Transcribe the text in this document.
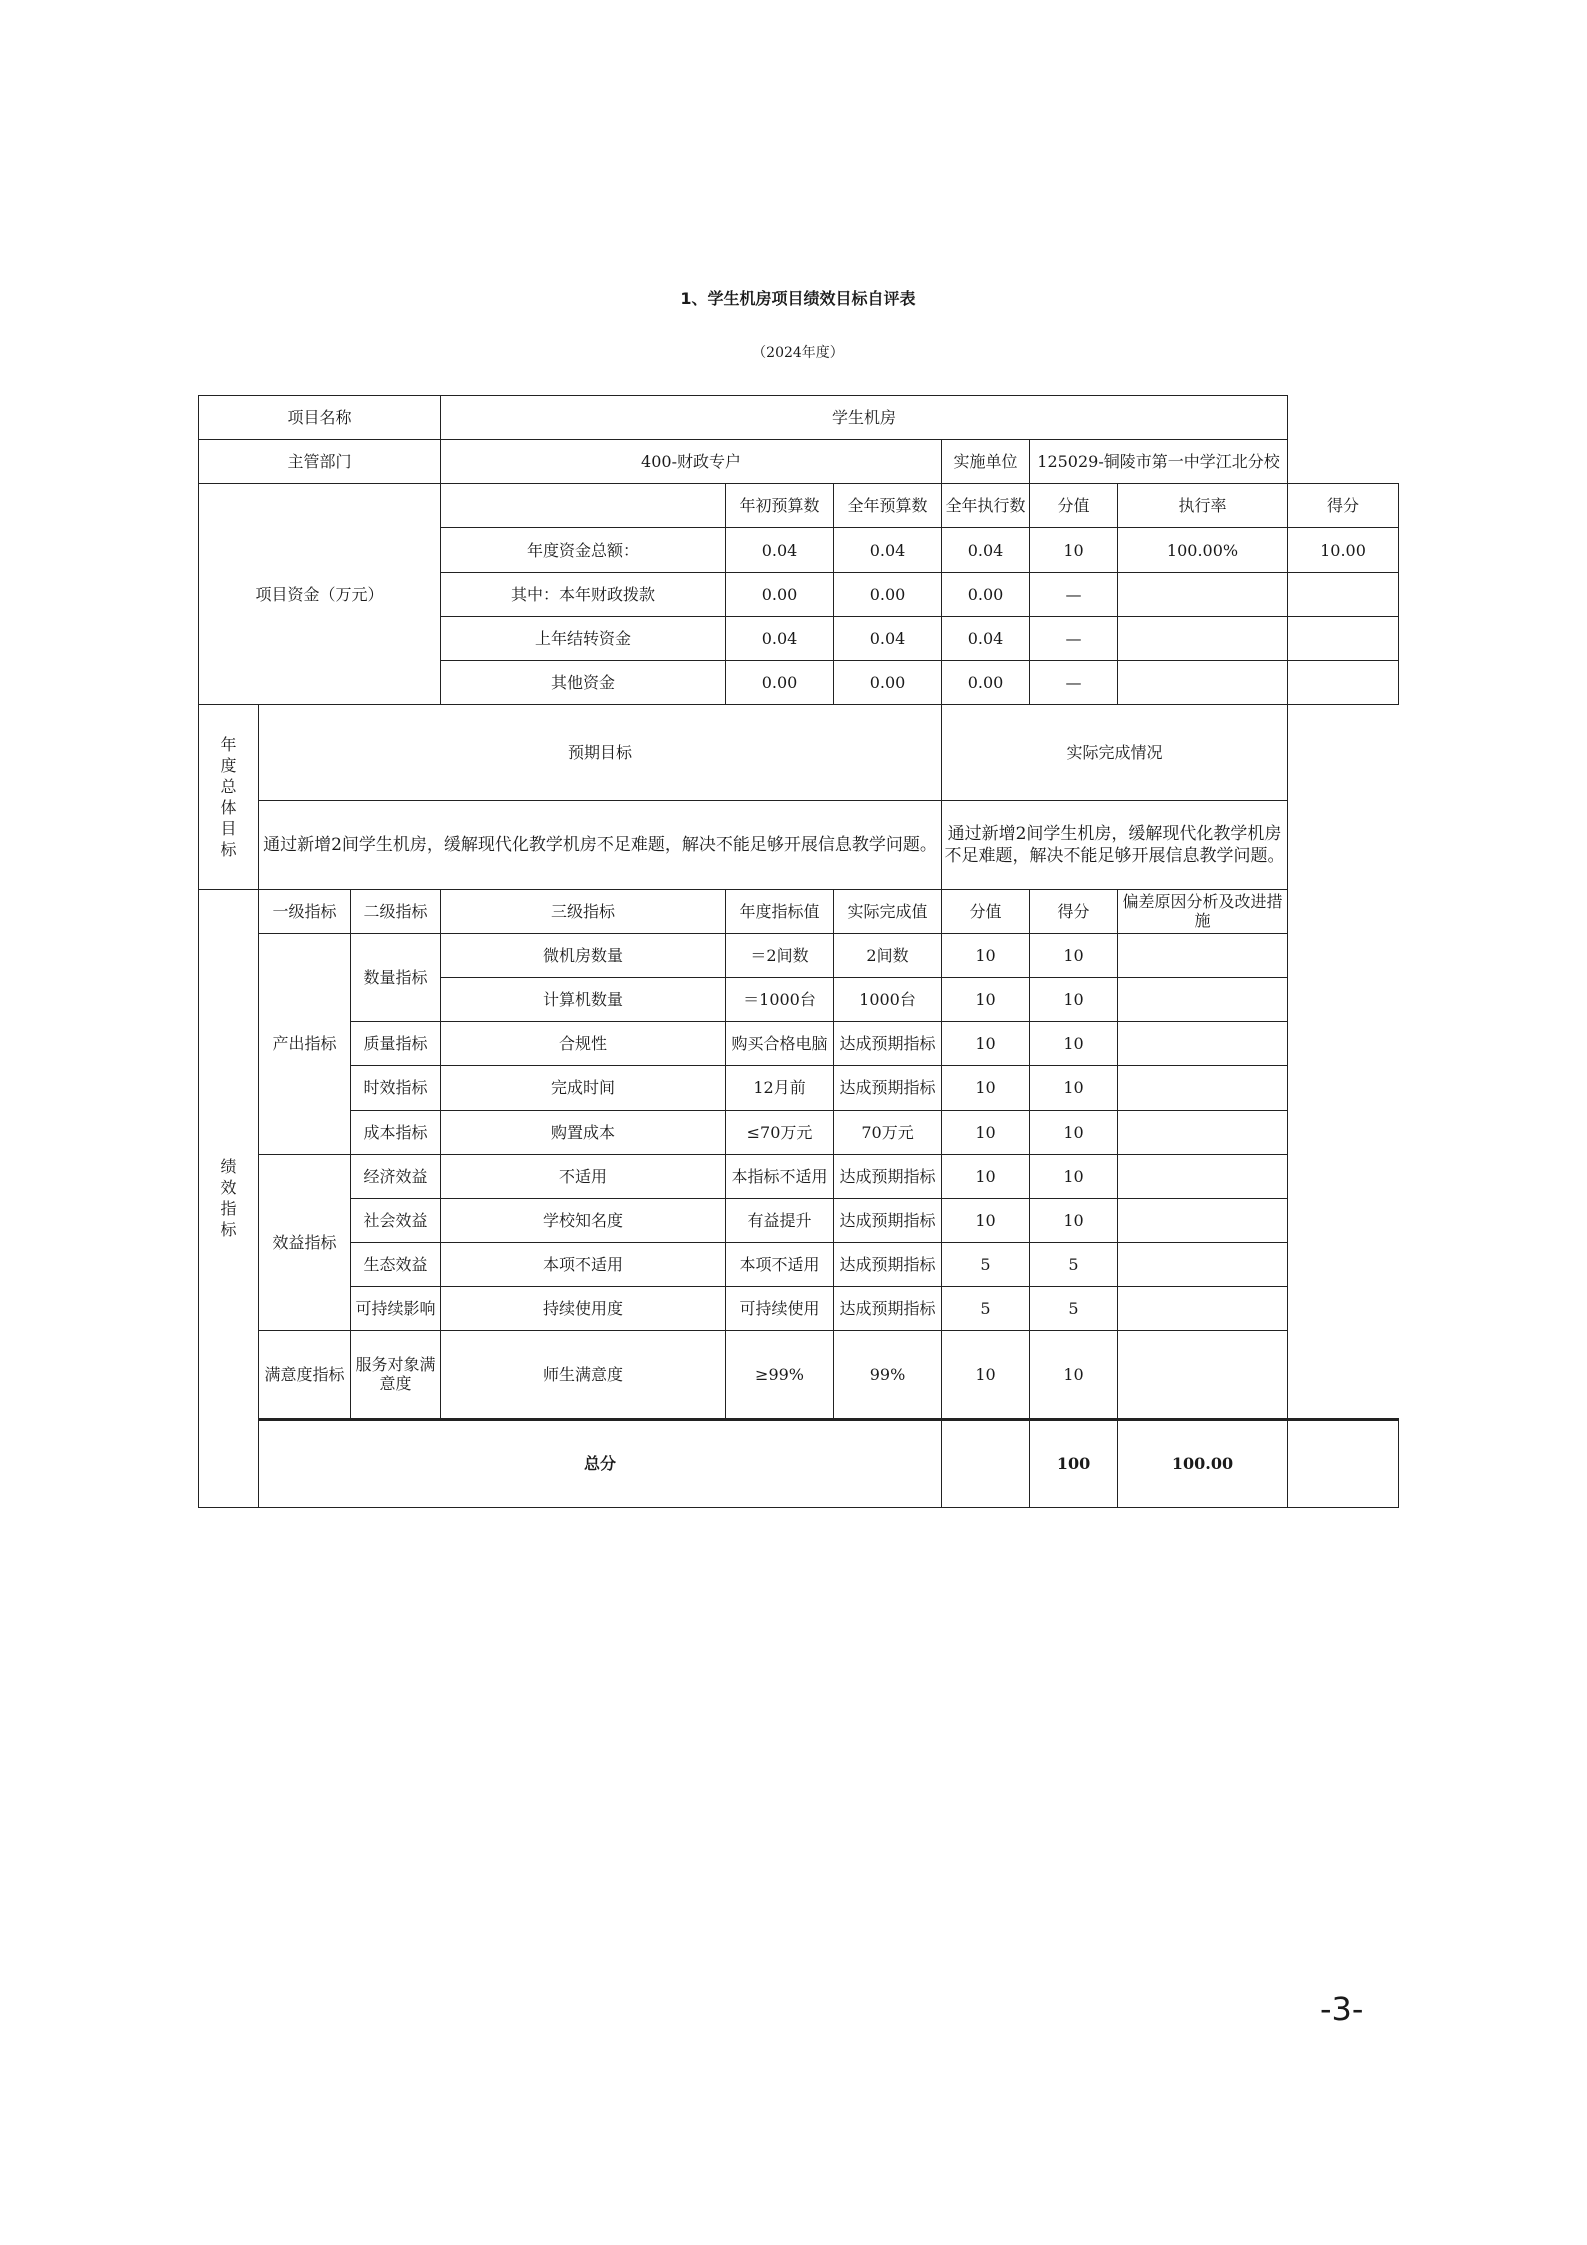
1、学生机房项目绩效目标自评表
（2024年度）
项目名称			学生机房						
主管部门			400-财政专户			实施单位	125029-铜陵市第一中学江北分校		
项目资金（万元）				年初预算数	全年预算数	全年执行数	分值	执行率	得分
			年度资金总额：	0.04	0.04	0.04	10	100.00%	10.00
			其中：本年财政拨款	0.00	0.00	0.00	—		
			上年结转资金	0.04	0.04	0.04	—		
			其他资金	0.00	0.00	0.00	—		
年度总体目标	预期目标					实际完成情况			
	通过新增2间学生机房，缓解现代化教学机房不足难题，解决不能足够开展信息教学问题。					通过新增2间学生机房，缓解现代化教学机房不足难题，解决不能足够开展信息教学问题。			
绩效指标	一级指标	二级指标	三级指标	年度指标值	实际完成值	分值	得分	偏差原因分析及改进措施	
	产出指标	数量指标	微机房数量	＝2间数	2间数	10	10		
			计算机数量	＝1000台	1000台	10	10		
		质量指标	合规性	购买合格电脑	达成预期指标	10	10		
		时效指标	完成时间	12月前	达成预期指标	10	10		
		成本指标	购置成本	≤70万元	70万元	10	10		
	效益指标	经济效益	不适用	本指标不适用	达成预期指标	10	10		
		社会效益	学校知名度	有益提升	达成预期指标	10	10		
		生态效益	本项不适用	本项不适用	达成预期指标	5	5		
		可持续影响	持续使用度	可持续使用	达成预期指标	5	5		
	满意度指标	服务对象满意度	师生满意度	≥99%	99%	10	10		
	总分						100	100.00	
-3-
